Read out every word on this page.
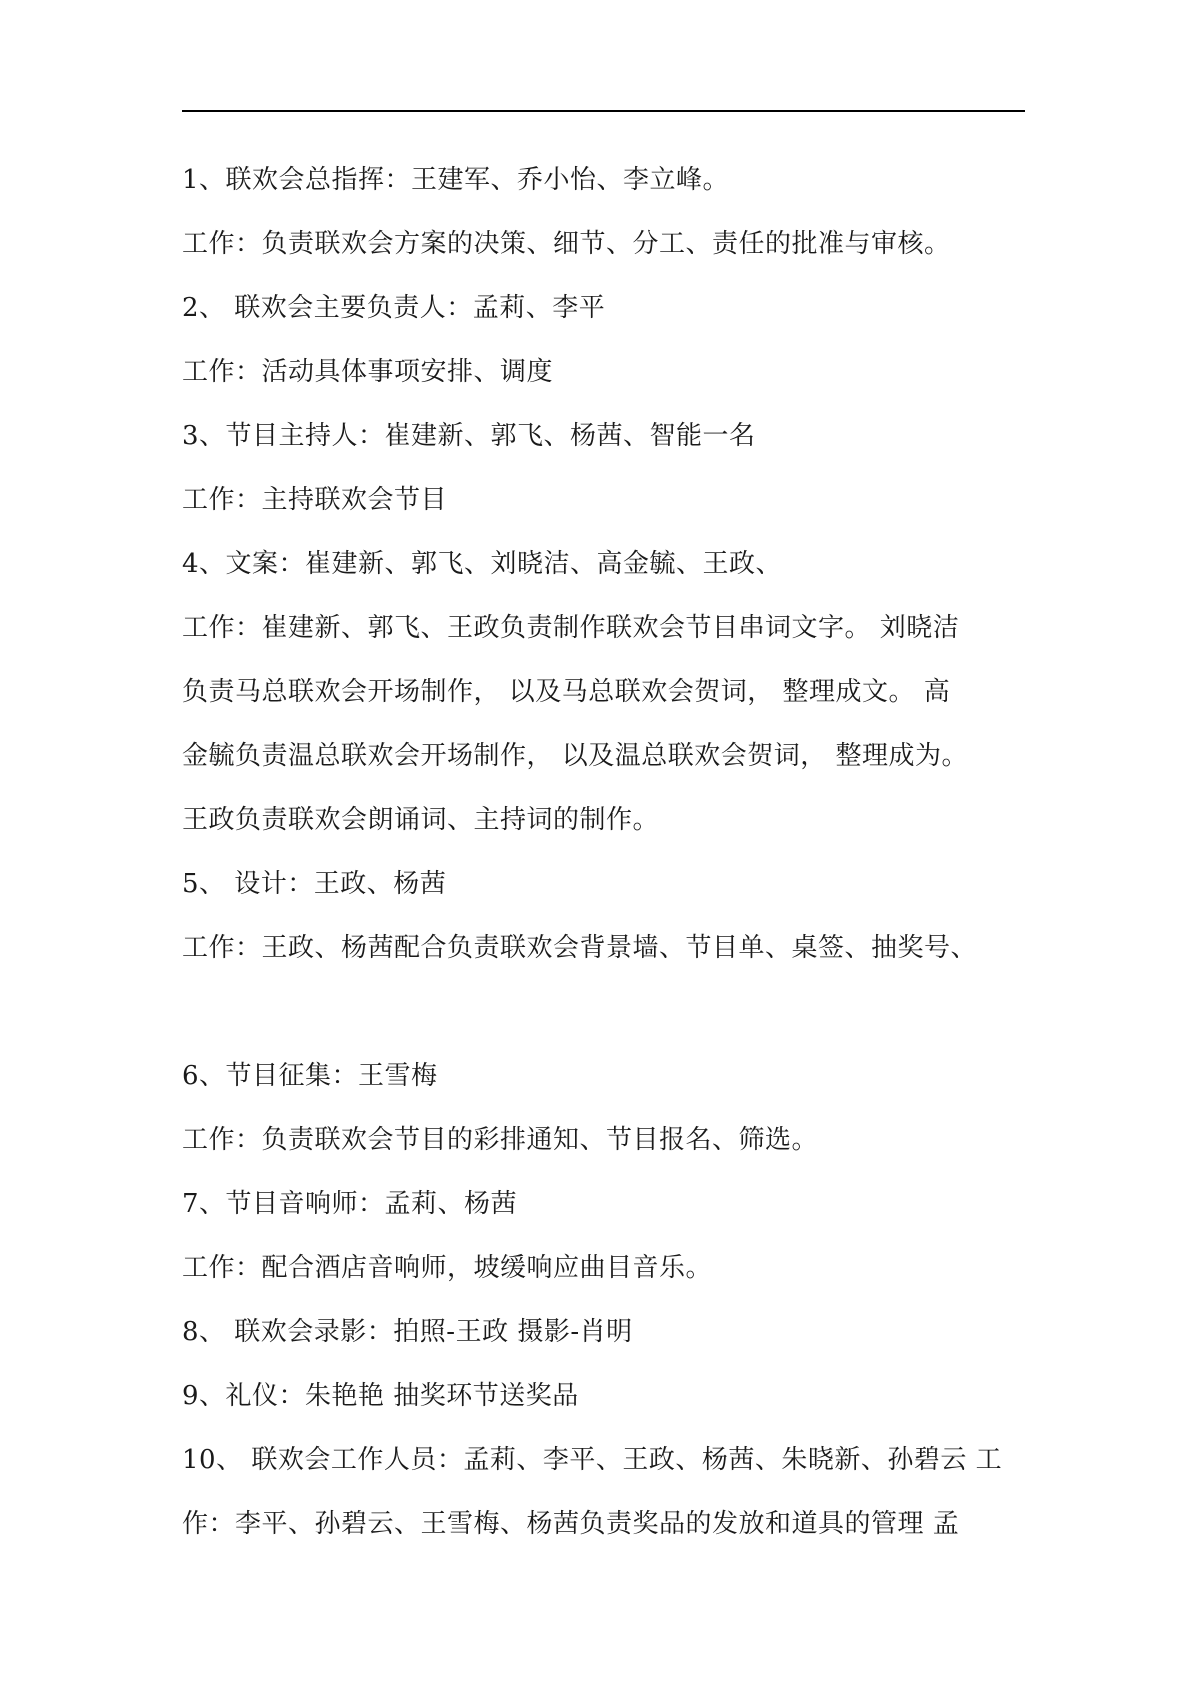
1、联欢会总指挥：王建军、乔小怡、李立峰。
工作：负责联欢会方案的决策、细节、分工、责任的批准与审核。
2、 联欢会主要负责人：孟莉、李平
工作：活动具体事项安排、调度
3、节目主持人：崔建新、郭飞、杨茜、智能一名
工作：主持联欢会节目
4、文案：崔建新、郭飞、刘晓洁、高金毓、王政、
工作：崔建新、郭飞、王政负责制作联欢会节目串词文字。 刘晓洁
负责马总联欢会开场制作， 以及马总联欢会贺词， 整理成文。 高
金毓负责温总联欢会开场制作， 以及温总联欢会贺词， 整理成为。
王政负责联欢会朗诵词、主持词的制作。
5、 设计：王政、杨茜
工作：王政、杨茜配合负责联欢会背景墙、节目单、桌签、抽奖号、
6、节目征集：王雪梅
工作：负责联欢会节目的彩排通知、节目报名、筛选。
7、节目音响师：孟莉、杨茜
工作：配合酒店音响师，坡缓响应曲目音乐。
8、 联欢会录影：拍照-王政 摄影-肖明
9、礼仪：朱艳艳 抽奖环节送奖品
10、 联欢会工作人员：孟莉、李平、王政、杨茜、朱晓新、孙碧云 工
作：李平、孙碧云、王雪梅、杨茜负责奖品的发放和道具的管理 孟
